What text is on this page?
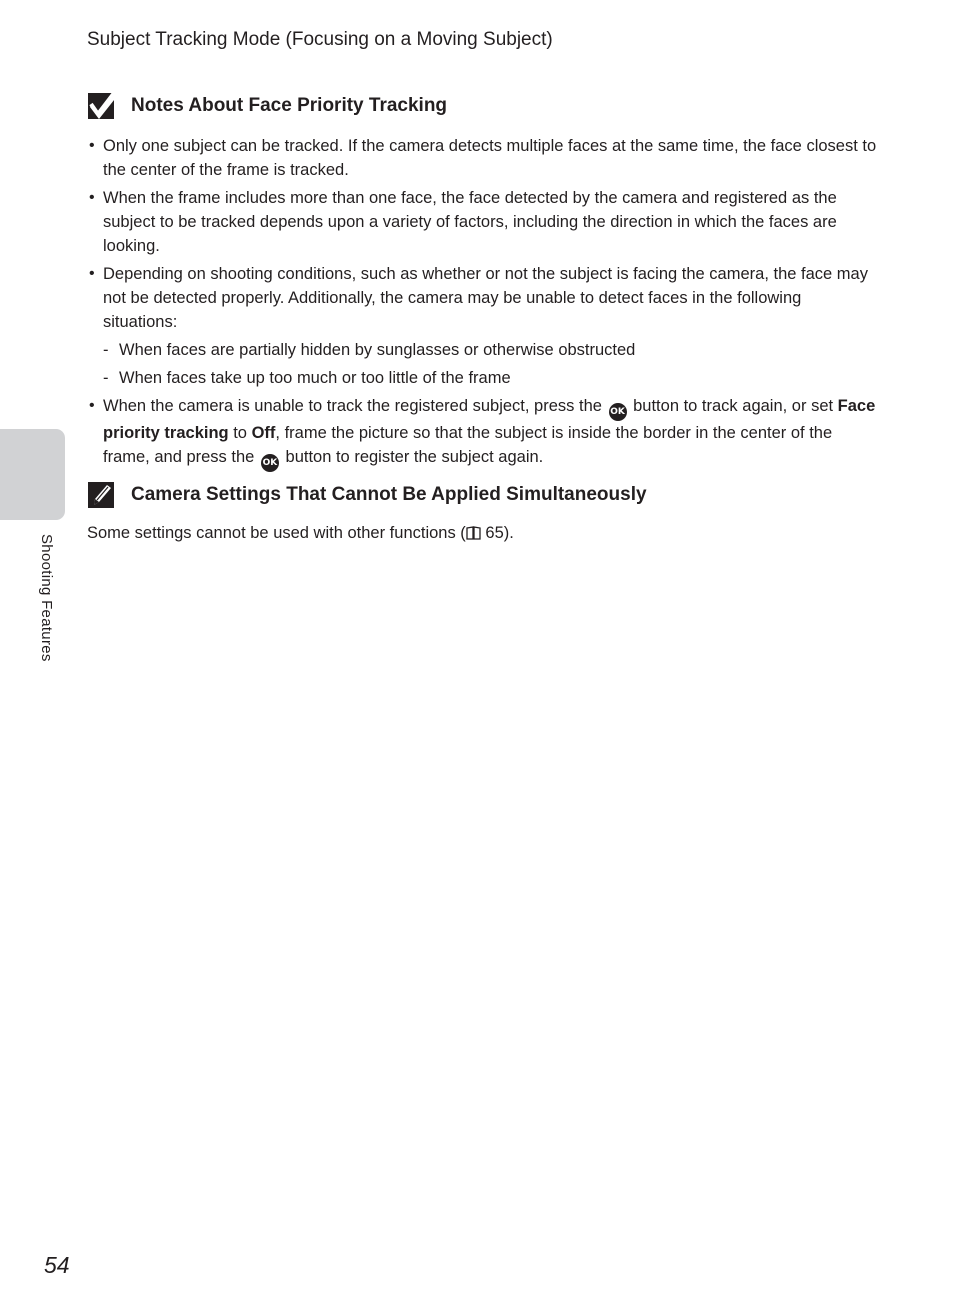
Subject Tracking Mode (Focusing on a Moving Subject)
Shooting Features
Notes About Face Priority Tracking
• Only one subject can be tracked. If the camera detects multiple faces at the same time, the face closest to the center of the frame is tracked.
• When the frame includes more than one face, the face detected by the camera and registered as the subject to be tracked depends upon a variety of factors, including the direction in which the faces are looking.
• Depending on shooting conditions, such as whether or not the subject is facing the camera, the face may not be detected properly. Additionally, the camera may be unable to detect faces in the following situations:
- When faces are partially hidden by sunglasses or otherwise obstructed
- When faces take up too much or too little of the frame
• When the camera is unable to track the registered subject, press the OK button to track again, or set Face priority tracking to Off, frame the picture so that the subject is inside the border in the center of the frame, and press the OK button to register the subject again.
Camera Settings That Cannot Be Applied Simultaneously
Some settings cannot be used with other functions ( 65).
54
